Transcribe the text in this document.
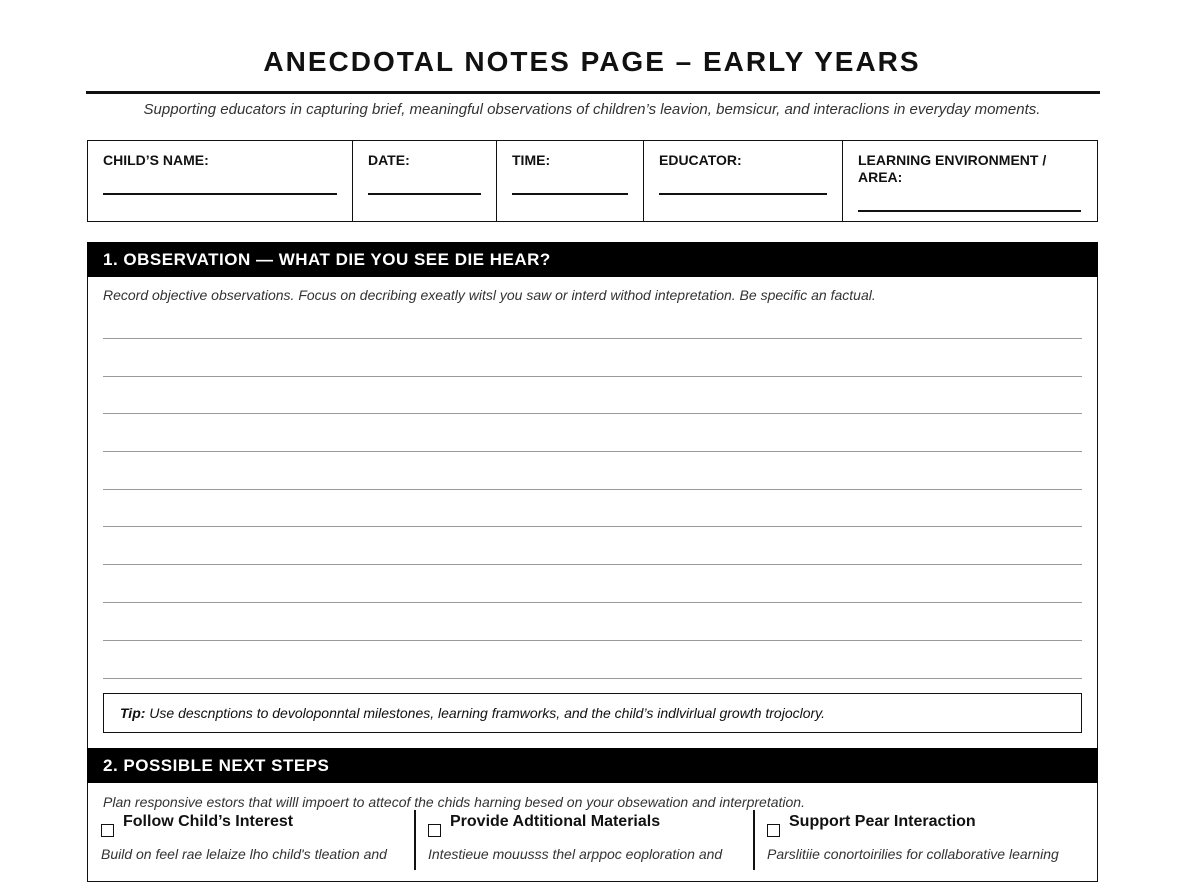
ANECDOTAL NOTES PAGE – EARLY YEARS
Supporting educators in capturing brief, meaningful observations of children’s leavion, bemsicur, and interaclions in everyday moments.
CHILD’S NAME:	DATE:	TIME:	EDUCATOR:	LEARNING ENVIRONMENT / AREA:
1. OBSERVATION — WHAT DIE YOU SEE DIE HEAR?
Record objective observations. Focus on decribing exeatly witsl you saw or interd withod intepretation. Be specific an factual.
Tip: Use descnptions to devoloponntal milestones, learning framworks, and the child’s indlvirlual growth trojoclory.
2. POSSIBLE NEXT STEPS
Plan responsive estors that willl impoert to attecof the chids harning besed on your obsewation and interpretation.
Follow Child’s Interest
Build on feel rae lelaize lho child's tleation and
Provide Adtitional Materials
Intestieue mouusss thel arppoc eoploration and
Support Pear Interaction
Parslitiie conortoirilies for collaborative learning
